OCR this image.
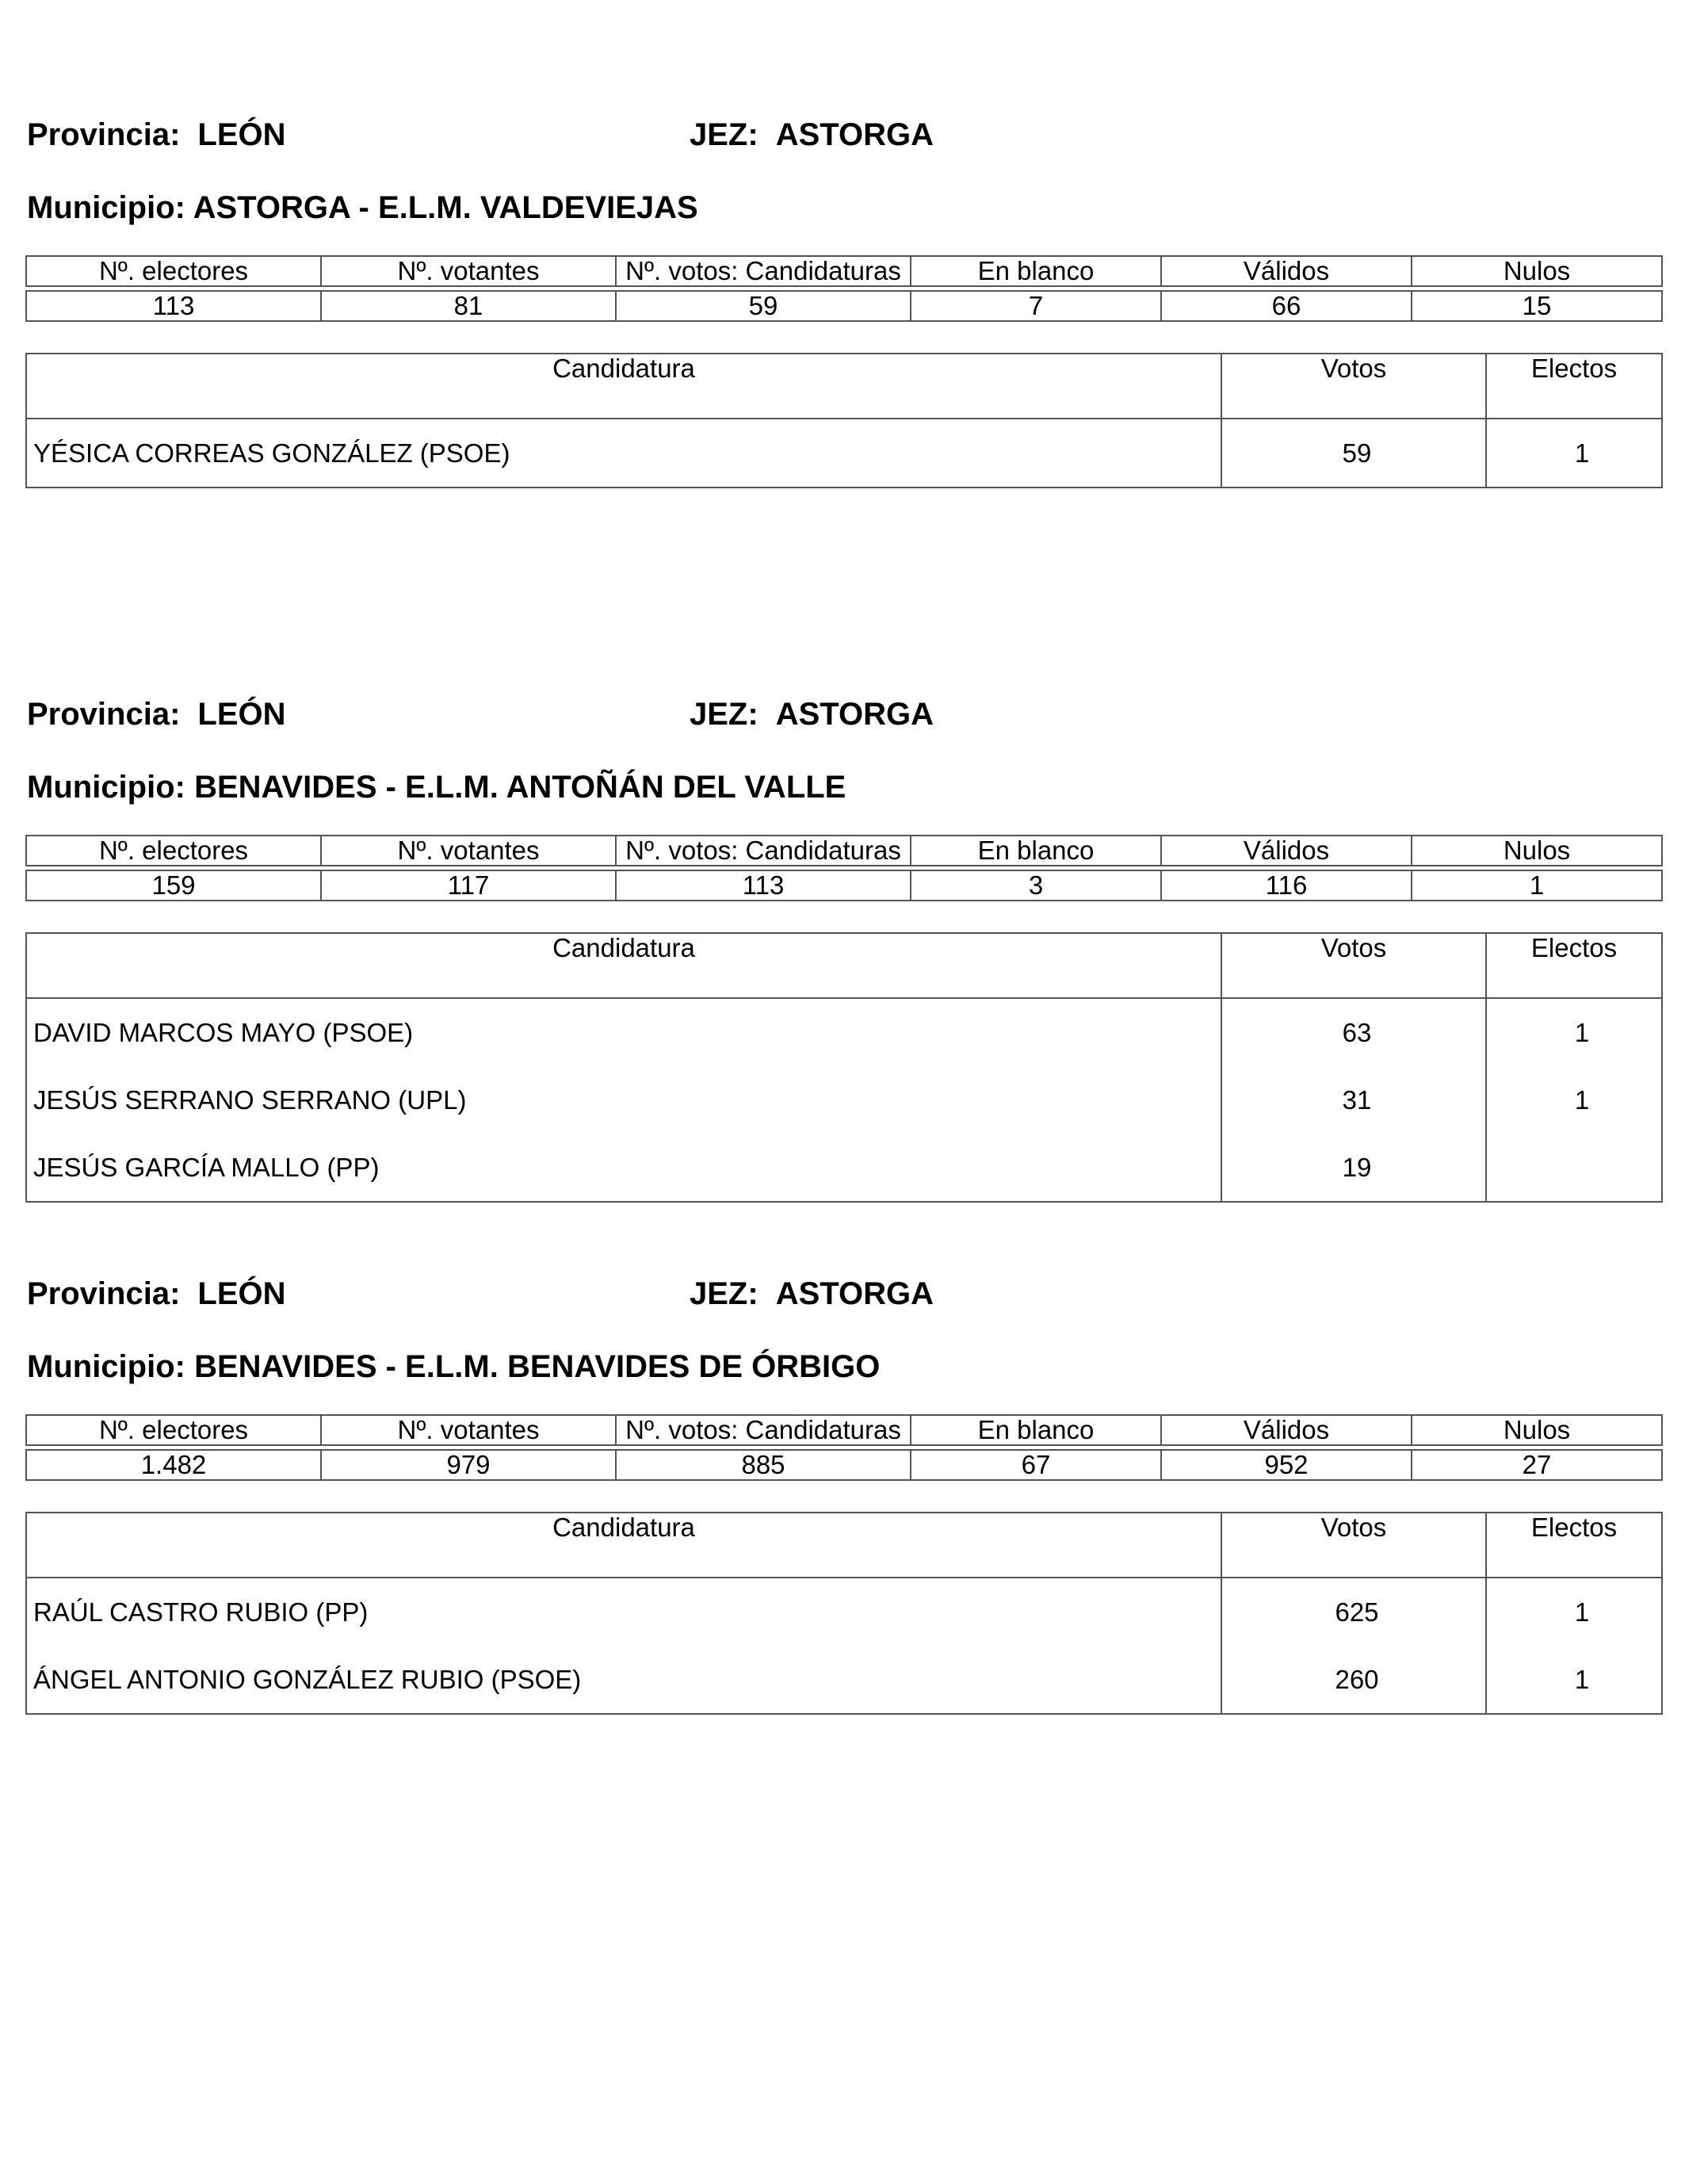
Provincia: LEÓN	JEZ: ASTORGA
Municipio: ASTORGA - E.L.M. VALDEVIEJAS
Nº. electores	Nº. votantes	Nº. votos: Candidaturas	En blanco	Válidos	Nulos

113	81	59	7	66	15
Candidatura	Votos	Electos
YÉSICA CORREAS GONZÁLEZ (PSOE)	59	1
Provincia: LEÓN	JEZ: ASTORGA
Municipio: BENAVIDES - E.L.M. ANTOÑÁN DEL VALLE
Nº. electores	Nº. votantes	Nº. votos: Candidaturas	En blanco	Válidos	Nulos

159	117	113	3	116	1
Candidatura	Votos	Electos
DAVID MARCOS MAYO (PSOE)	63	1
JESÚS SERRANO SERRANO (UPL)	31	1
JESÚS GARCÍA MALLO (PP)	19	
Provincia: LEÓN	JEZ: ASTORGA
Municipio: BENAVIDES - E.L.M. BENAVIDES DE ÓRBIGO
Nº. electores	Nº. votantes	Nº. votos: Candidaturas	En blanco	Válidos	Nulos

1.482	979	885	67	952	27
Candidatura	Votos	Electos
RAÚL CASTRO RUBIO (PP)	625	1
ÁNGEL ANTONIO GONZÁLEZ RUBIO (PSOE)	260	1
